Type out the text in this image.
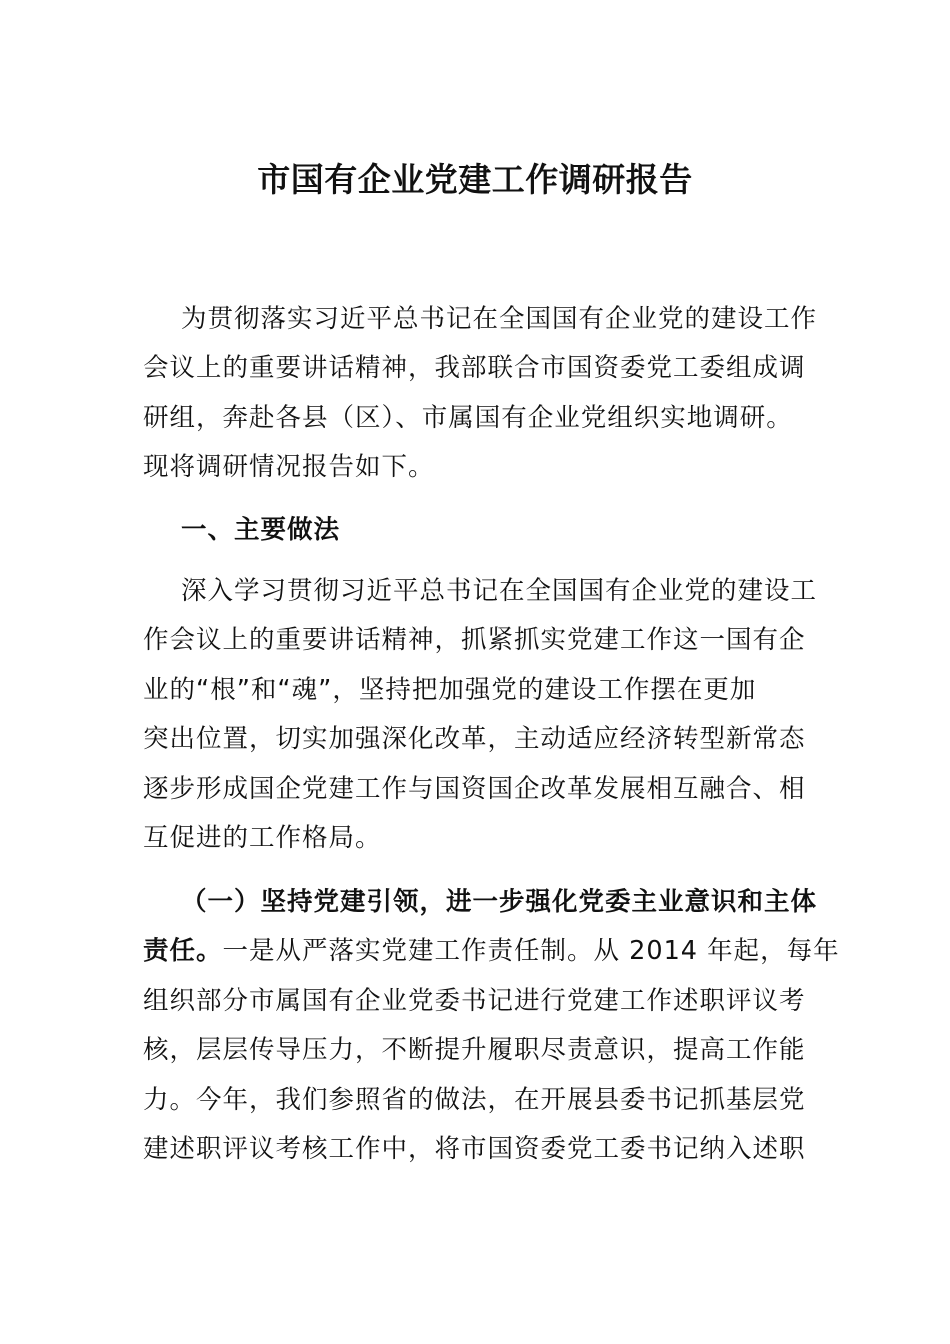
市国有企业党建工作调研报告
为贯彻落实习近平总书记在全国国有企业党的建设工作
会议上的重要讲话精神，我部联合市国资委党工委组成调
研组，奔赴各县（区）、市属国有企业党组织实地调研。
现将调研情况报告如下。
一、主要做法
深入学习贯彻习近平总书记在全国国有企业党的建设工
作会议上的重要讲话精神，抓紧抓实党建工作这一国有企
业的“根”和“魂”，坚持把加强党的建设工作摆在更加
突出位置，切实加强深化改革，主动适应经济转型新常态
逐步形成国企党建工作与国资国企改革发展相互融合、相
互促进的工作格局。
（一）坚持党建引领，进一步强化党委主业意识和主体
责任。一是从严落实党建工作责任制。从 2014 年起，每年
组织部分市属国有企业党委书记进行党建工作述职评议考
核，层层传导压力，不断提升履职尽责意识，提高工作能
力。今年，我们参照省的做法，在开展县委书记抓基层党
建述职评议考核工作中，将市国资委党工委书记纳入述职
